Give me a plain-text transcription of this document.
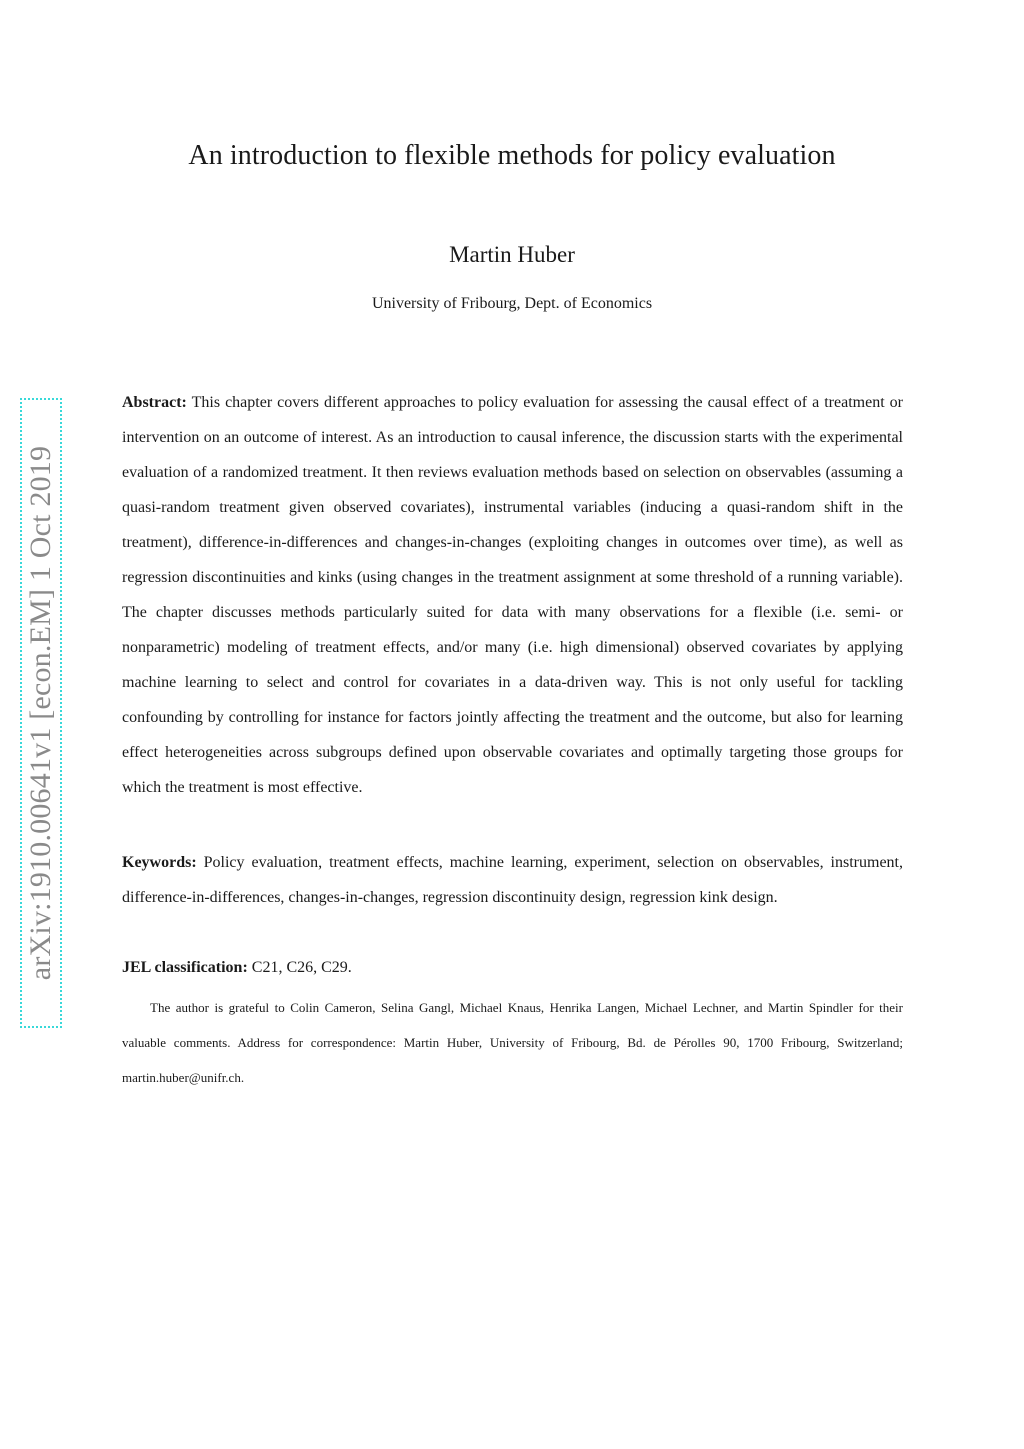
An introduction to flexible methods for policy evaluation
Martin Huber
University of Fribourg, Dept. of Economics
Abstract: This chapter covers different approaches to policy evaluation for assessing the causal effect of a treatment or intervention on an outcome of interest. As an introduction to causal inference, the discussion starts with the experimental evaluation of a randomized treatment. It then reviews evaluation methods based on selection on observables (assuming a quasi-random treatment given observed covariates), instrumental variables (inducing a quasi-random shift in the treatment), difference-in-differences and changes-in-changes (exploiting changes in outcomes over time), as well as regression discontinuities and kinks (using changes in the treatment assignment at some threshold of a running variable). The chapter discusses methods particularly suited for data with many observations for a flexible (i.e. semi- or nonparametric) modeling of treatment effects, and/or many (i.e. high dimensional) observed covariates by applying machine learning to select and control for covariates in a data-driven way. This is not only useful for tackling confounding by controlling for instance for factors jointly affecting the treatment and the outcome, but also for learning effect heterogeneities across subgroups defined upon observable covariates and optimally targeting those groups for which the treatment is most effective.
Keywords: Policy evaluation, treatment effects, machine learning, experiment, selection on observables, instrument, difference-in-differences, changes-in-changes, regression discontinuity design, regression kink design.
JEL classification: C21, C26, C29.
The author is grateful to Colin Cameron, Selina Gangl, Michael Knaus, Henrika Langen, Michael Lechner, and Martin Spindler for their valuable comments. Address for correspondence: Martin Huber, University of Fribourg, Bd. de Pérolles 90, 1700 Fribourg, Switzerland; martin.huber@unifr.ch.
arXiv:1910.00641v1 [econ.EM] 1 Oct 2019
